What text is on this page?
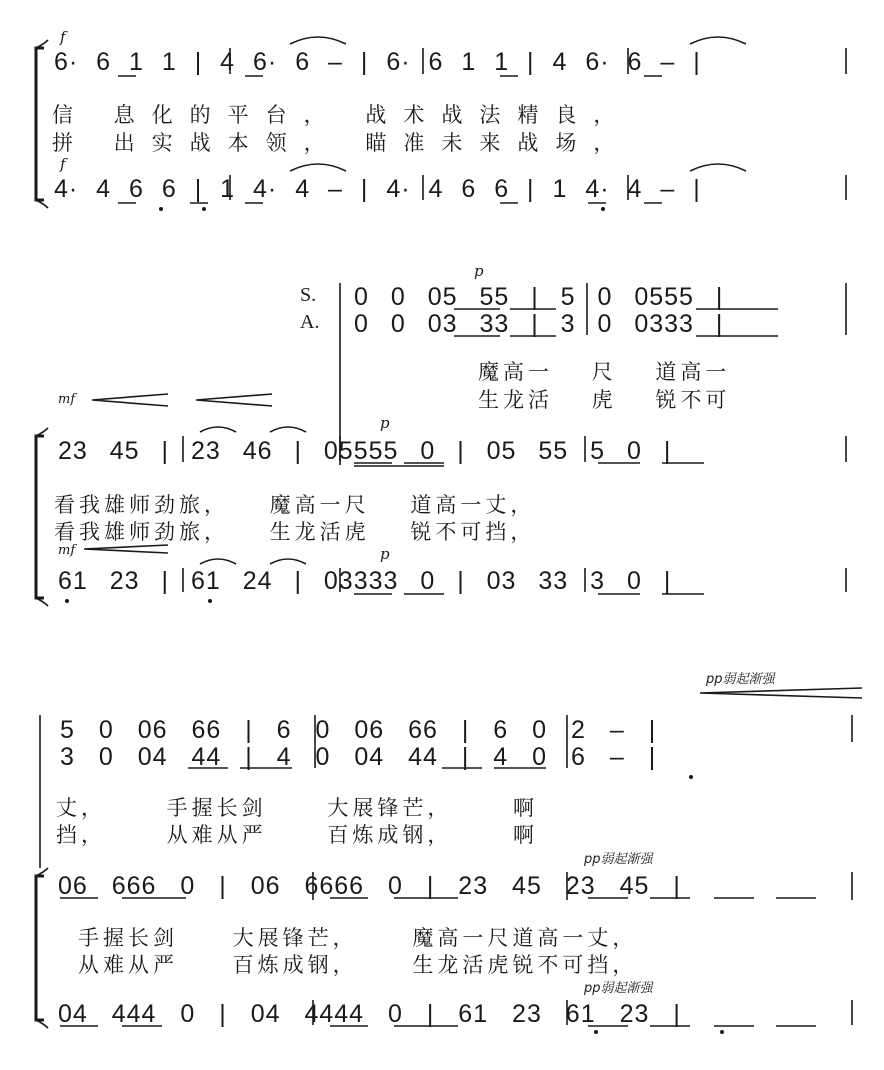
f
6· 6 1 1 | 4 6· 6 – | 6· 6 1 1 | 4 6· 6 – |
信 息化的平台， 战术战法精良，
拼 出实战本领， 瞄准未来战场，
f
4· 4 6 6 | 1 4· 4 – | 4· 4 6 6 | 1 4· 4 – |
p
S.
A.
0 0 05 55 | 5 0 0555 |
0 0 03 33 | 3 0 0333 |
魔高一 尺 道高一
生龙活 虎 锐不可
mf
p
23 45 | 23 46 | 05555 0 | 05 55 5 0 |
看我雄师劲旅， 魔高一尺 道高一丈，
看我雄师劲旅， 生龙活虎 锐不可挡，
mf	p
61 23 | 61 24 | 03333 0 | 03 33 3 0 |
pp弱起渐强
5 0 06 66 | 6 0 06 66 | 6 0 2 – |
3 0 04 44 | 4 0 04 44 | 4 0 6 – |
丈， 手握长剑 大展锋芒， 啊
挡， 从难从严 百炼成钢， 啊
pp弱起渐强
06 666 0 | 06 6666 0 | 23 45 23 45 |
手握长剑 大展锋芒， 魔高一尺道高一丈，
从难从严 百炼成钢， 生龙活虎锐不可挡，
pp弱起渐强
04 444 0 | 04 4444 0 | 61 23 61 23 |
